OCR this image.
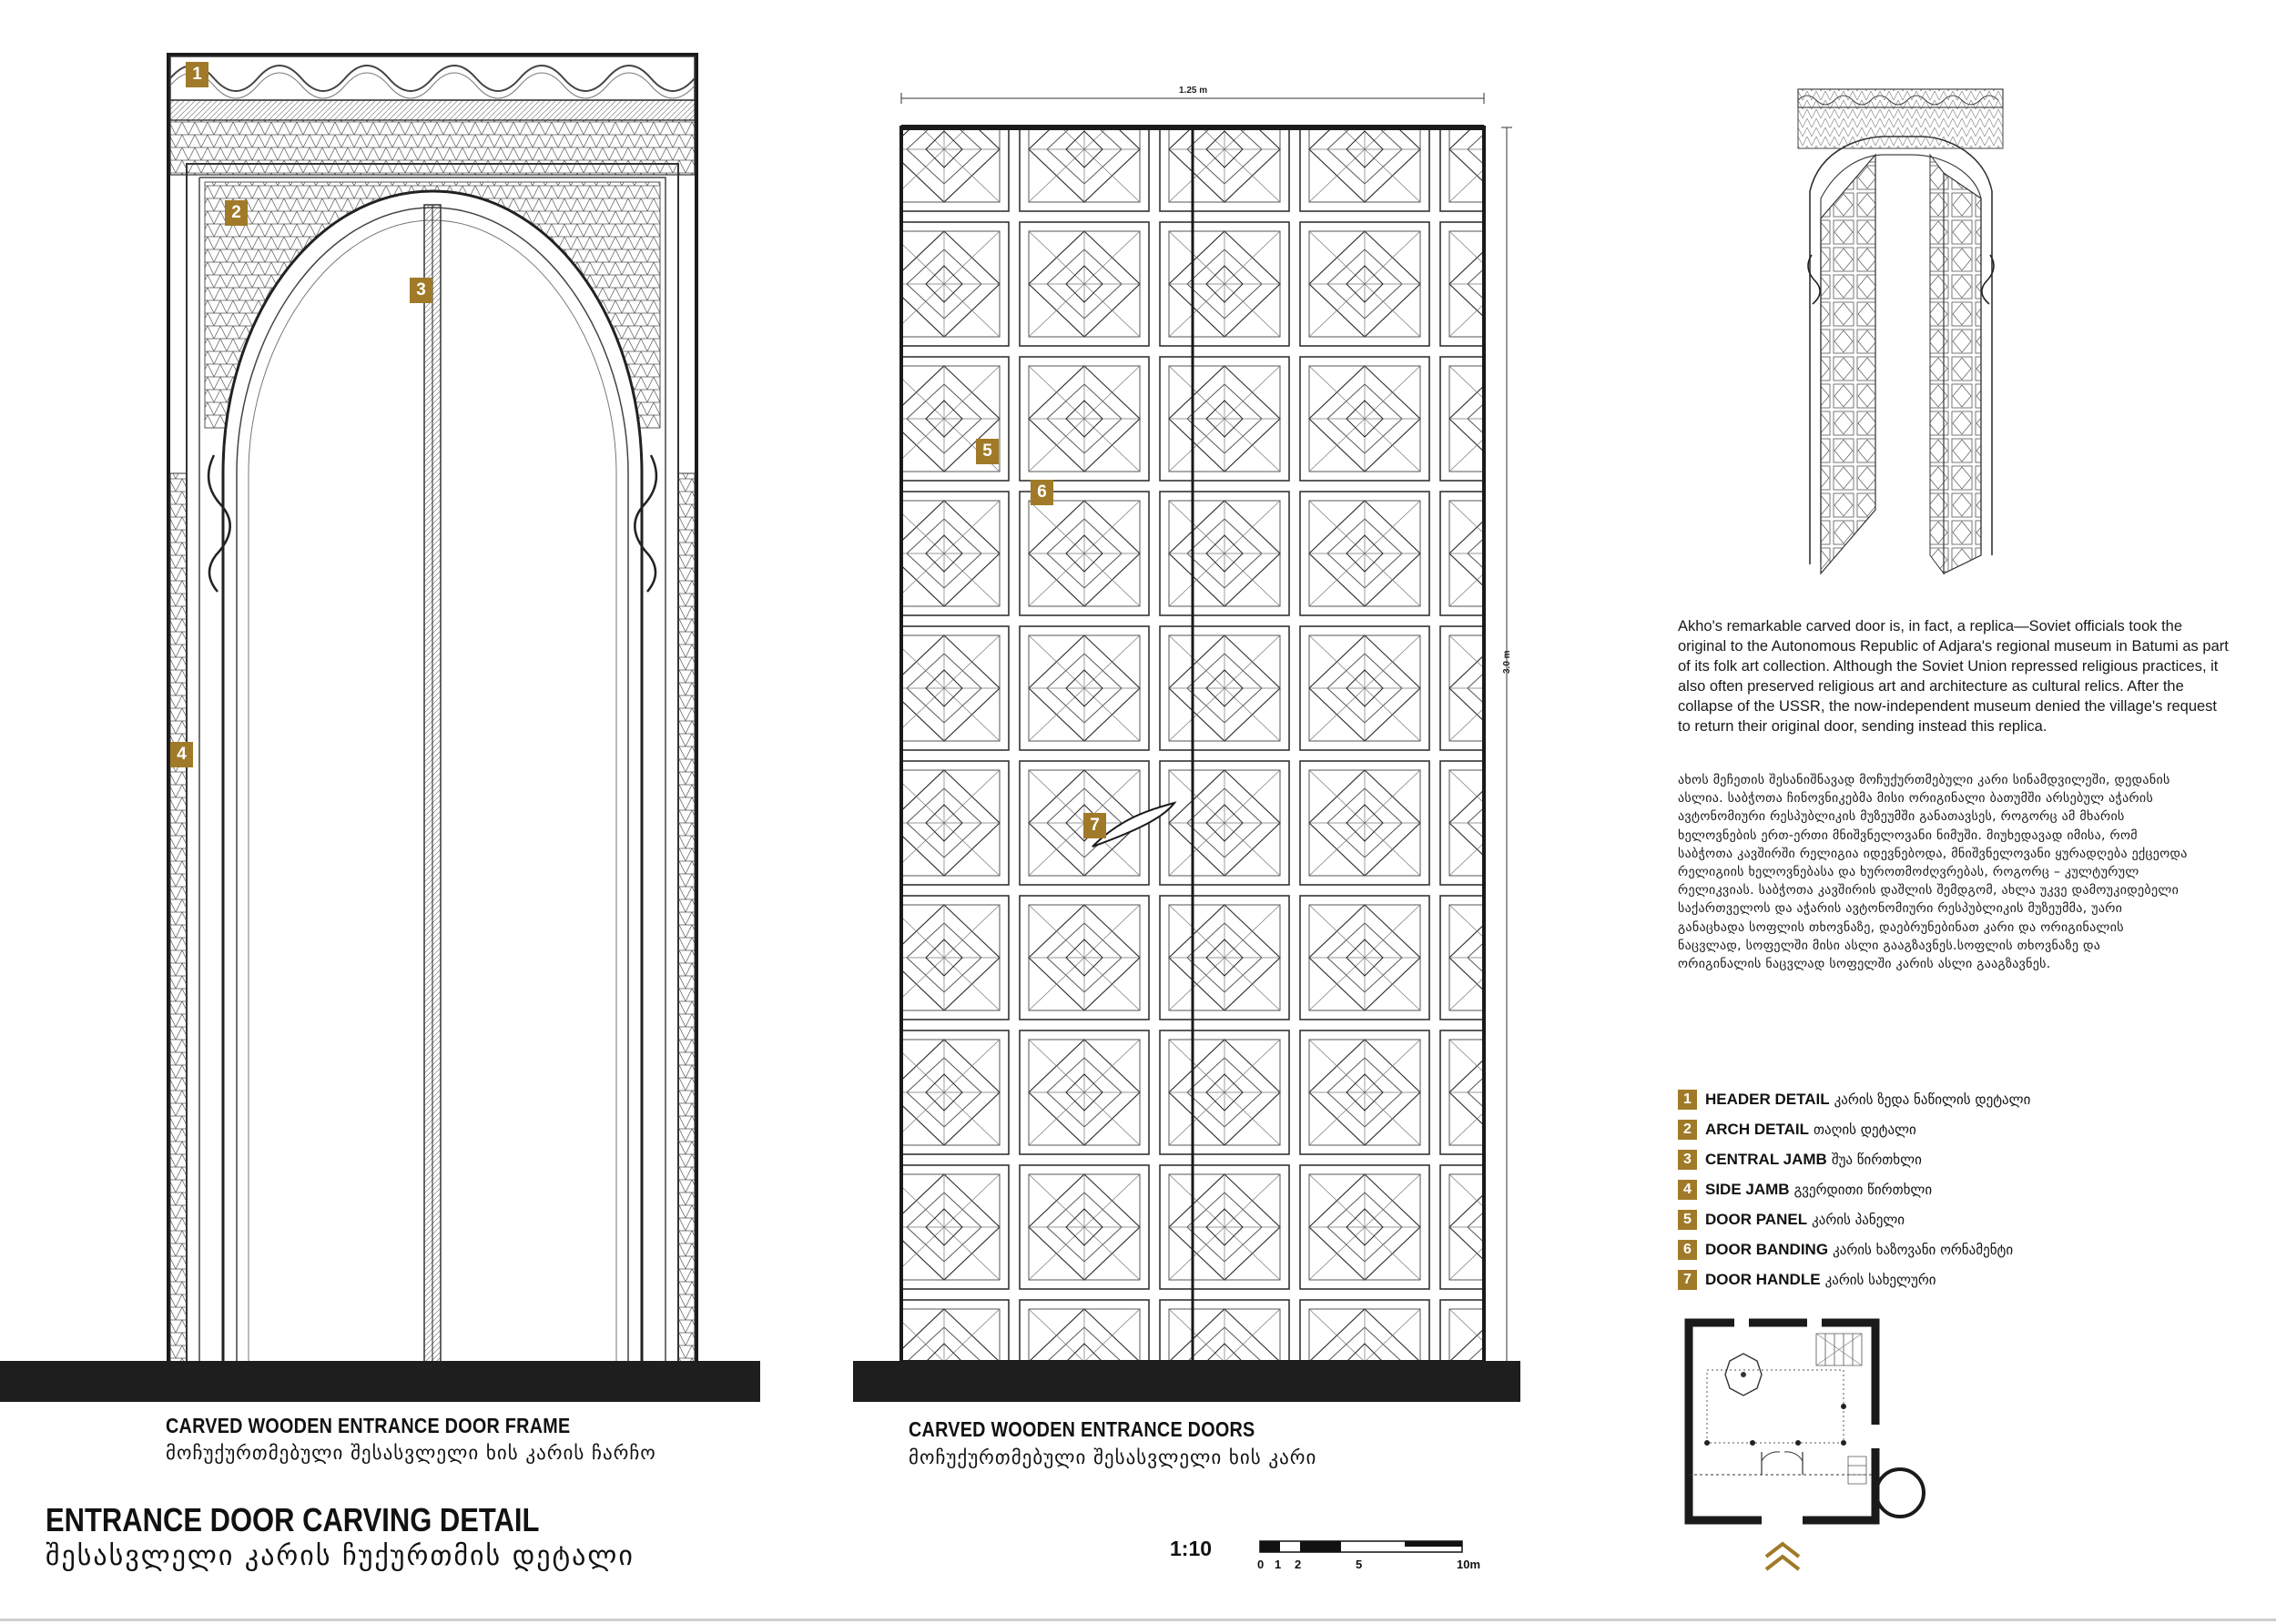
1
2
3
4
CARVED WOODEN ENTRANCE DOOR FRAME
მოჩუქურთმებული შესასვლელი ხის კარის ჩარჩო
1.25 m
3.0 m
5
6
7
CARVED WOODEN ENTRANCE DOORS
მოჩუქურთმებული შესასვლელი ხის კარი
ENTRANCE DOOR CARVING DETAIL
შესასვლელი კარის ჩუქურთმის დეტალი	1:10
0 1 2	5	10m
Akho's remarkable carved door is, in fact, a replica—Soviet officials took the original to the Autonomous Republic of Adjara's regional museum in Batumi as part of its folk art collection. Although the Soviet Union repressed religious practices, it also often preserved religious art and architecture as cultural relics. After the collapse of the USSR, the now-independent museum denied the village's request to return their original door, sending instead this replica.
ახოს მეჩეთის შესანიშნავად მოჩუქურთმებული კარი სინამდვილეში, დედანის ასლია. საბჭოთა ჩინოვნიკებმა მისი ორიგინალი ბათუმში არსებულ აჭარის ავტონომიური რესპუბლიკის მუზეუმში განათავსეს, როგორც ამ მხარის ხელოვნების ერთ-ერთი მნიშვნელოვანი ნიმუში. მიუხედავად იმისა, რომ საბჭოთა კავშირში რელიგია იდევნებოდა, მნიშვნელოვანი ყურადღება ექცეოდა რელიგიის ხელოვნებასა და ხუროთმოძღვრებას, როგორც – კულტურულ რელიკვიას. საბჭოთა კავშირის დაშლის შემდგომ, ახლა უკვე დამოუკიდებელი საქართველოს და აჭარის ავტონომიური რესპუბლიკის მუზეუმმა, უარი განაცხადა სოფლის თხოვნაზე, დაებრუნებინათ კარი და ორიგინალის ნაცვლად, სოფელში მისი ასლი გააგზავნეს.სოფლის თხოვნაზე და ორიგინალის ნაცვლად სოფელში კარის ასლი გააგზავნეს.
1 HEADER DETAIL კარის ზედა ნაწილის დეტალი
2 ARCH DETAIL თაღის დეტალი
3 CENTRAL JAMB შუა წირთხლი
4 SIDE JAMB გვერდითი წირთხლი
5 DOOR PANEL კარის პანელი
6 DOOR BANDING კარის ხაზოვანი ორნამენტი
7 DOOR HANDLE კარის სახელური
